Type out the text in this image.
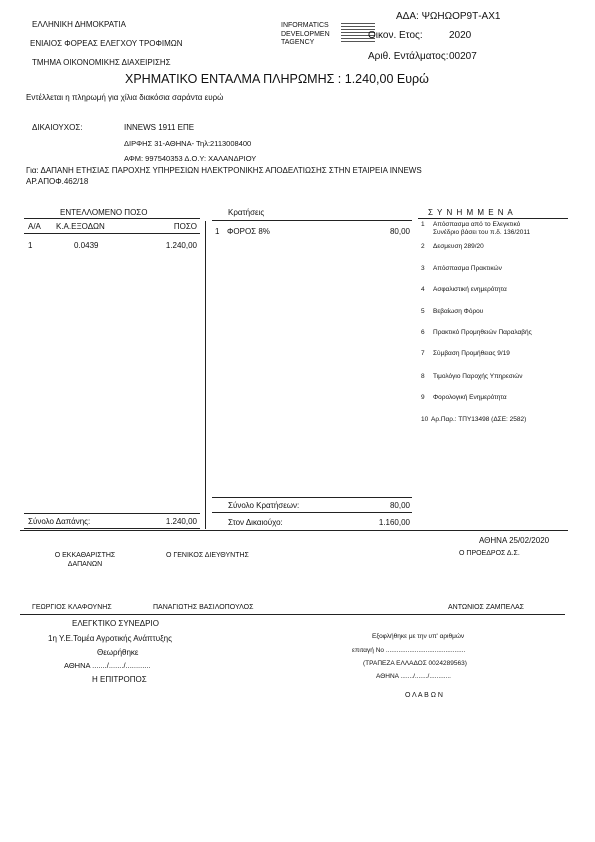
ΕΛΛΗΝΙΚΗ ΔΗΜΟΚΡΑΤΙΑ
ΕΝΙΑΙΟΣ ΦΟΡΕΑΣ ΕΛΕΓΧΟΥ ΤΡΟΦΙΜΩΝ
ΤΜΗΜΑ ΟΙΚΟΝΟΜΙΚΗΣ ΔΙΑΧΕΙΡΙΣΗΣ
INFORMATICS
DEVELOPMEN
TAGENCY
ΑΔΑ: ΨΩΗΩΟΡ9Τ-ΑΧ1
Οικον. Ετος:	2020
Αριθ. Εντάλματος: 00207
ΧΡΗΜΑΤΙΚΟ ΕΝΤΑΛΜΑ ΠΛΗΡΩΜΗΣ : 1.240,00 Ευρώ
Εντέλλεται η πληρωμή για χίλια διακόσια σαράντα ευρώ
ΔΙΚΑΙΟΥΧΟΣ:	INNEWS 1911 ΕΠΕ
ΔΙΡΦΗΣ 31-ΑΘΗΝΑ- Τηλ:2113008400
ΑΦΜ: 997540353 Δ.Ο.Υ: ΧΑΛΑΝΔΡΙΟΥ
Για: ΔΑΠΑΝΗ ΕΤΗΣΙΑΣ ΠΑΡΟΧΗΣ ΥΠΗΡΕΣΙΩΝ ΗΛΕΚΤΡΟΝΙΚΗΣ ΑΠΟΔΕΛΤΙΩΣΗΣ ΣΤΗΝ ΕΤΑΙΡΕΙΑ INNEWS
ΑΡ.ΑΠΟΦ.462/18
ΕΝΤΕΛΛΟΜΕΝΟ ΠΟΣΟ
Α/Α Κ.Α.ΕΞΟΔΩΝ	ΠΟΣΟ
1	0.0439	1.240,00
Σύνολο Δαπάνης:	1.240,00
Κρατήσεις
1 ΦΟΡΟΣ 8%	80,00
Σύνολο Κρατήσεων:	80,00
Στον Δικαιούχο:	1.160,00
Σ Υ Ν Η Μ Μ Ε Ν Α
1 Απόσπασμα από το Ελεγκτικό
Συνέδριο βάσει του π.δ. 136/2011
2 Δεσμευση 289/20
3 Απόσπασμα Πρακτικών
4 Ασφαλιστική ενημερότητα
5 Βεβαίωση Φόρου
6 Πρακτικό Προμηθειών Παραλαβής
7 Σύμβαση Προμήθειας 9/19
8 Τιμολόγιο Παροχής Υπηρεσιών
9 Φορολογική Ενημερότητα
10 Αρ.Παρ.: ΤΠΥ13498 (ΔΣΕ: 2582)
ΑΘΗΝΑ 25/02/2020
Ο ΕΚΚΑΘΑΡΙΣΤΗΣ
ΔΑΠΑΝΩΝ
Ο ΓΕΝΙΚΟΣ ΔΙΕΥΘΥΝΤΗΣ	Ο ΠΡΟΕΔΡΟΣ Δ.Σ.
ΓΕΩΡΓΙΟΣ ΚΛΑΦΟΥΝΗΣ	ΠΑΝΑΓΙΩΤΗΣ ΒΑΣΙΛΟΠΟΥΛΟΣ	ΑΝΤΩΝΙΟΣ ΖΑΜΠΕΛΑΣ
ΕΛΕΓΚΤΙΚΟ ΣΥΝΕΔΡΙΟ
1η Υ.Ε.Τομέα Αγροτικής Ανάπτυξης
Θεωρήθηκε
ΑΘΗΝΑ ......./......./............
Η ΕΠΙΤΡΟΠΟΣ
Εξοφλήθηκε με την υπ' αριθμών
επιταγή Νο ............................................
(ΤΡΑΠΕΖΑ ΕΛΛΑΔΟΣ 0024289563)
ΑΘΗΝΑ ......./......./............
Ο Λ Α Β Ω Ν
